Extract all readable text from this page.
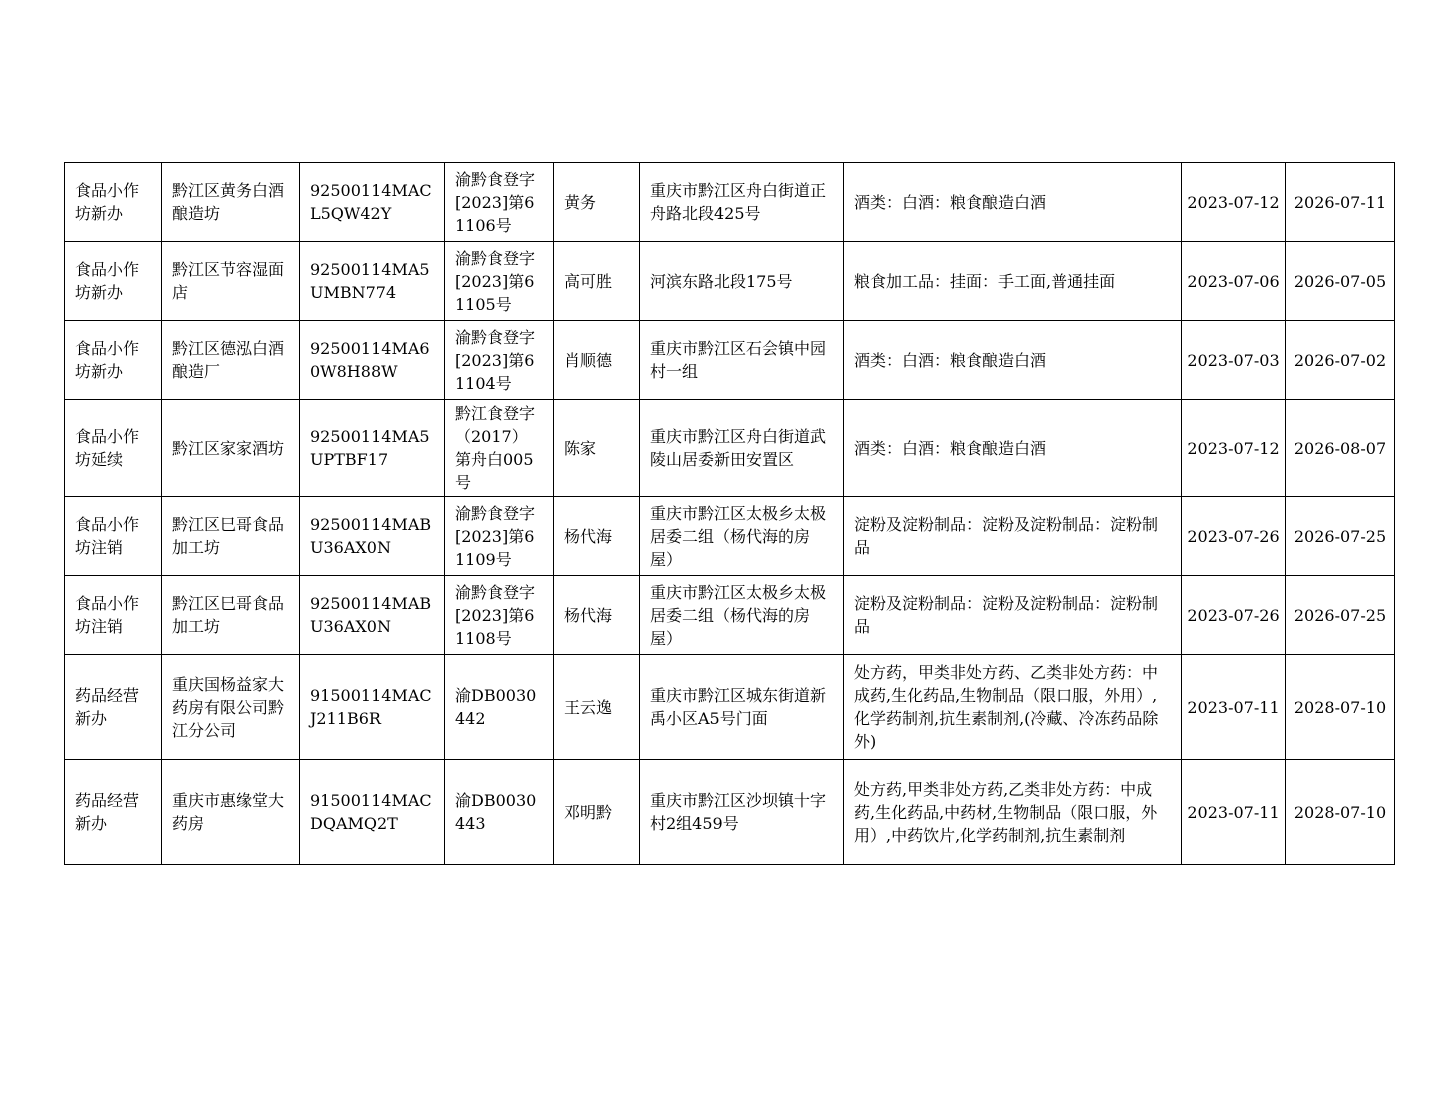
食品小作坊新办	黔江区黄务白酒酿造坊	92500114MACL5QW42Y	渝黔食登字[2023]第61106号	黄务	重庆市黔江区舟白街道正舟路北段425号	酒类：白酒：粮食酿造白酒	2023-07-12	2026-07-11
食品小作坊新办	黔江区节容湿面店	92500114MA5UMBN774	渝黔食登字[2023]第61105号	高可胜	河滨东路北段175号	粮食加工品：挂面：手工面,普通挂面	2023-07-06	2026-07-05
食品小作坊新办	黔江区德泓白酒酿造厂	92500114MA60W8H88W	渝黔食登字[2023]第61104号	肖顺德	重庆市黔江区石会镇中园村一组	酒类：白酒：粮食酿造白酒	2023-07-03	2026-07-02
食品小作坊延续	黔江区家家酒坊	92500114MA5UPTBF17	黔江食登字（2017）第舟白005号	陈家	重庆市黔江区舟白街道武陵山居委新田安置区	酒类：白酒：粮食酿造白酒	2023-07-12	2026-08-07
食品小作坊注销	黔江区巳哥食品加工坊	92500114MABU36AX0N	渝黔食登字[2023]第61109号	杨代海	重庆市黔江区太极乡太极居委二组（杨代海的房屋）	淀粉及淀粉制品：淀粉及淀粉制品：淀粉制品	2023-07-26	2026-07-25
食品小作坊注销	黔江区巳哥食品加工坊	92500114MABU36AX0N	渝黔食登字[2023]第61108号	杨代海	重庆市黔江区太极乡太极居委二组（杨代海的房屋）	淀粉及淀粉制品：淀粉及淀粉制品：淀粉制品	2023-07-26	2026-07-25
药品经营新办	重庆国杨益家大药房有限公司黔江分公司	91500114MACJ211B6R	渝DB0030442	王云逸	重庆市黔江区城东街道新禹小区A5号门面	处方药，甲类非处方药、乙类非处方药：中成药,生化药品,生物制品（限口服，外用）,化学药制剂,抗生素制剂,(冷藏、冷冻药品除外)	2023-07-11	2028-07-10
药品经营新办	重庆市惠缘堂大药房	91500114MACDQAMQ2T	渝DB0030443	邓明黔	重庆市黔江区沙坝镇十字村2组459号	处方药,甲类非处方药,乙类非处方药：中成药,生化药品,中药材,生物制品（限口服，外用）,中药饮片,化学药制剂,抗生素制剂	2023-07-11	2028-07-10
